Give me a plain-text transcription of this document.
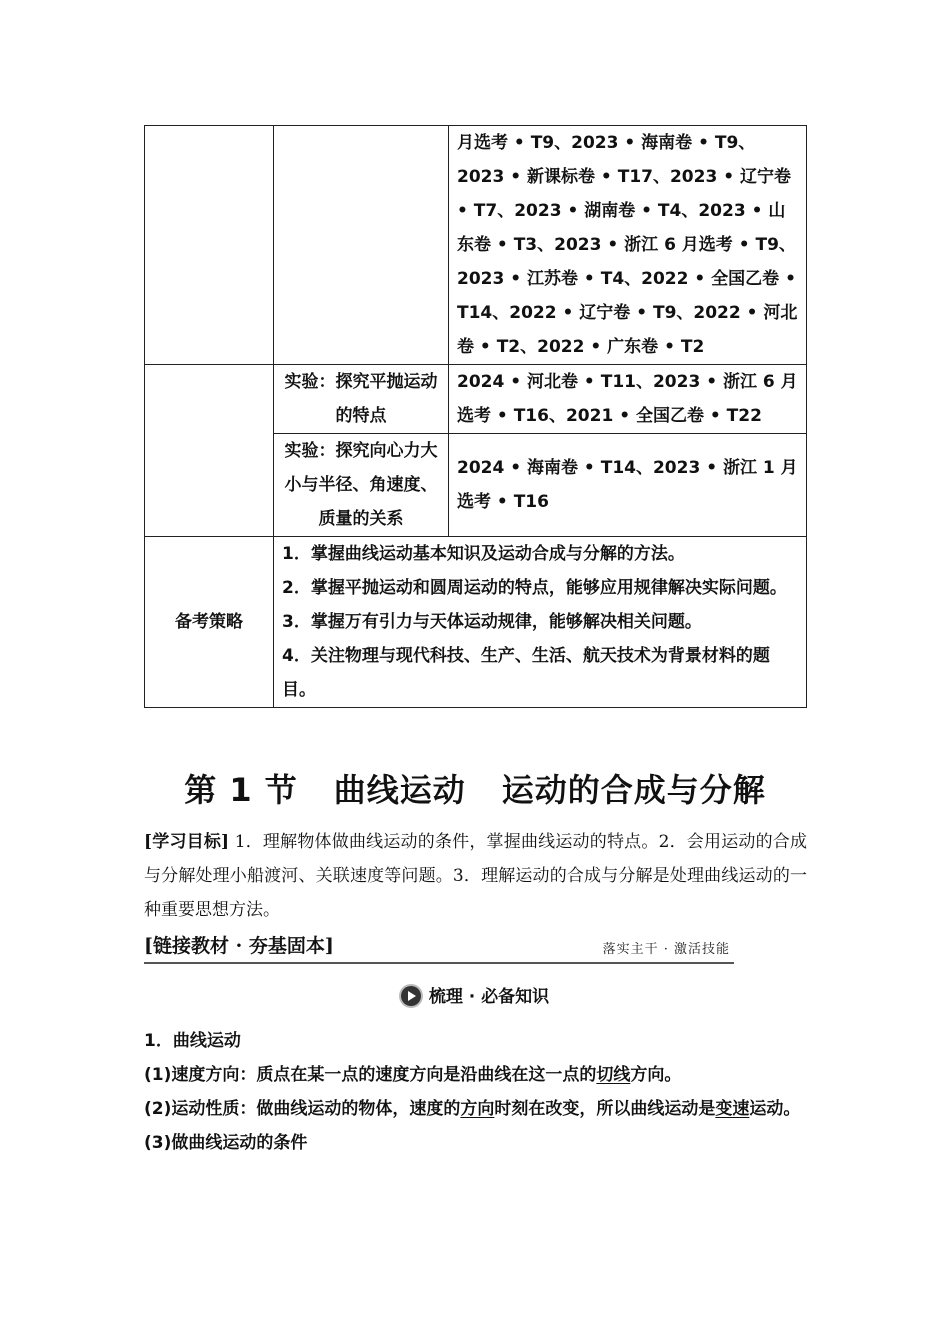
		月选考 • T9、2023 • 海南卷 • T9、2023 • 新课标卷 • T17、2023 • 辽宁卷 • T7、2023 • 湖南卷 • T4、2023 • 山东卷 • T3、2023 • 浙江 6 月选考 • T9、2023 • 江苏卷 • T4、2022 • 全国乙卷 • T14、2022 • 辽宁卷 • T9、2022 • 河北卷 • T2、2022 • 广东卷 • T2
	实验：探究平抛运动的特点	2024 • 河北卷 • T11、2023 • 浙江 6 月选考 • T16、2021 • 全国乙卷 • T22
	实验：探究向心力大小与半径、角速度、质量的关系	2024 • 海南卷 • T14、2023 • 浙江 1 月选考 • T16
备考策略	1．掌握曲线运动基本知识及运动合成与分解的方法。
2．掌握平抛运动和圆周运动的特点，能够应用规律解决实际问题。
3．掌握万有引力与天体运动规律，能够解决相关问题。
4．关注物理与现代科技、生产、生活、航天技术为背景材料的题目。	
第 1 节 曲线运动 运动的合成与分解
[学习目标] 1．理解物体做曲线运动的条件，掌握曲线运动的特点。2．会用运动的合成与分解处理小船渡河、关联速度等问题。3．理解运动的合成与分解是处理曲线运动的一种重要思想方法。
[链接教材 · 夯基固本]	落实主干 · 激活技能
梳理 · 必备知识

1．曲线运动

(1)速度方向：质点在某一点的速度方向是沿曲线在这一点的切线方向。

(2)运动性质：做曲线运动的物体，速度的方向时刻在改变，所以曲线运动是变速运动。

(3)做曲线运动的条件
